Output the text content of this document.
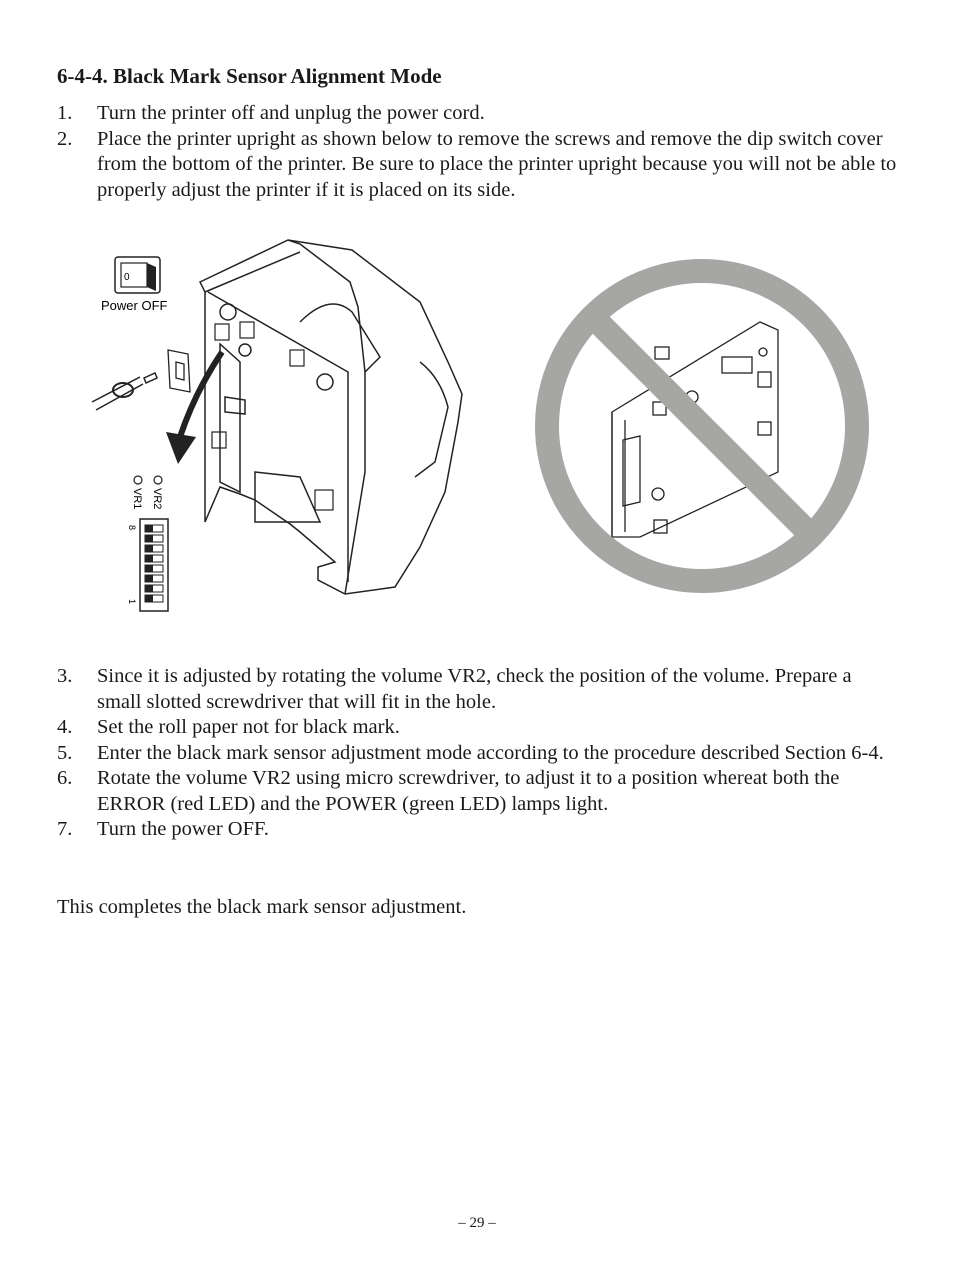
6-4-4. Black Mark Sensor Alignment Mode
1.	Turn the printer off and unplug the power cord.
2.	Place the printer upright as shown below to remove the screws and remove the dip switch cover from the bottom of the printer. Be sure to place the printer upright because you will not be able to properly adjust the printer if it is placed on its side.
0
Power OFF
VR2
VR1
8
1
3.	Since it is adjusted by rotating the volume VR2, check the position of the volume. Prepare a small slotted screwdriver that will fit in the hole.
4.	Set the roll paper not for black mark.
5.	Enter the black mark sensor adjustment mode according to the procedure described Section 6-4.
6.	Rotate the volume VR2 using micro screwdriver, to adjust it to a position whereat both the ERROR (red LED) and the POWER (green LED) lamps light.
7.	Turn the power OFF.
This completes the black mark sensor adjustment.
– 29 –
